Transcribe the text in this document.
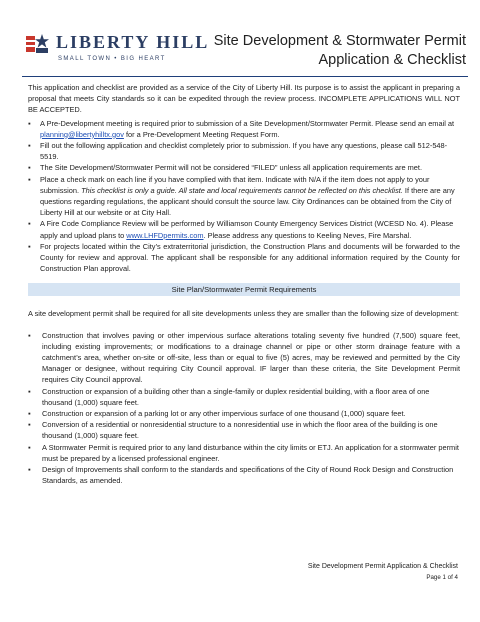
LIBERTY HILL
SMALL TOWN • BIG HEART
Site Development & Stormwater Permit
Application & Checklist

This application and checklist are provided as a service of the City of Liberty Hill. Its purpose is to assist the applicant in preparing a proposal that meets City standards so it can be expedited through the review process. INCOMPLETE APPLICATIONS WILL NOT BE ACCEPTED.

▪ A Pre-Development meeting is required prior to submission of a Site Development/Stormwater Permit. Please send an email at planning@libertyhilltx.gov for a Pre-Development Meeting Request Form.
▪ Fill out the following application and checklist completely prior to submission. If you have any questions, please call 512-548- 5519.
▪ The Site Development/Stormwater Permit will not be considered “FILED” unless all application requirements are met.
▪ Place a check mark on each line if you have complied with that item. Indicate with N/A if the item does not apply to your submission. This checklist is only a guide. All state and local requirements cannot be reflected on this checklist. If there are any questions regarding regulations, the applicant should consult the source law. City Ordinances can be obtained from the City of Liberty Hill at our website or at City Hall.
▪ A Fire Code Compliance Review will be performed by Williamson County Emergency Services District (WCESD No. 4). Please apply and upload plans to www.LHFDpermits.com. Please address any questions to Keeling Neves, Fire Marshal.
▪ For projects located within the City’s extraterritorial jurisdiction, the Construction Plans and documents will be forwarded to the County for review and approval. The applicant shall be responsible for any additional information required by the County for Construction Plan approval.
Site Plan/Stormwater Permit Requirements

A site development permit shall be required for all site developments unless they are smaller than the following size of development:

▪ Construction that involves paving or other impervious surface alterations totaling seventy five hundred (7,500) square feet, including existing improvements; or modifications to a drainage channel or pipe or other storm drainage feature with a catchment’s area, whether on-site or off-site, less than or equal to five (5) acres, may be reviewed and permitted by the City Manager or designee, without requiring City Council approval. IF larger than these criteria, the Site Development Permit requires City Council approval.
▪ Construction or expansion of a building other than a single-family or duplex residential building, with a floor area of one thousand (1,000) square feet.
▪ Construction or expansion of a parking lot or any other impervious surface of one thousand (1,000) square feet.
▪ Conversion of a residential or nonresidential structure to a nonresidential use in which the floor area of the building is one thousand (1,000) square feet.
▪ A Stormwater Permit is required prior to any land disturbance within the city limits or ETJ. An application for a stormwater permit must be prepared by a licensed professional engineer.
▪ Design of Improvements shall conform to the standards and specifications of the City of Round Rock Design and Construction Standards, as amended.
Site Development Permit Application & Checklist
Page 1 of 4
